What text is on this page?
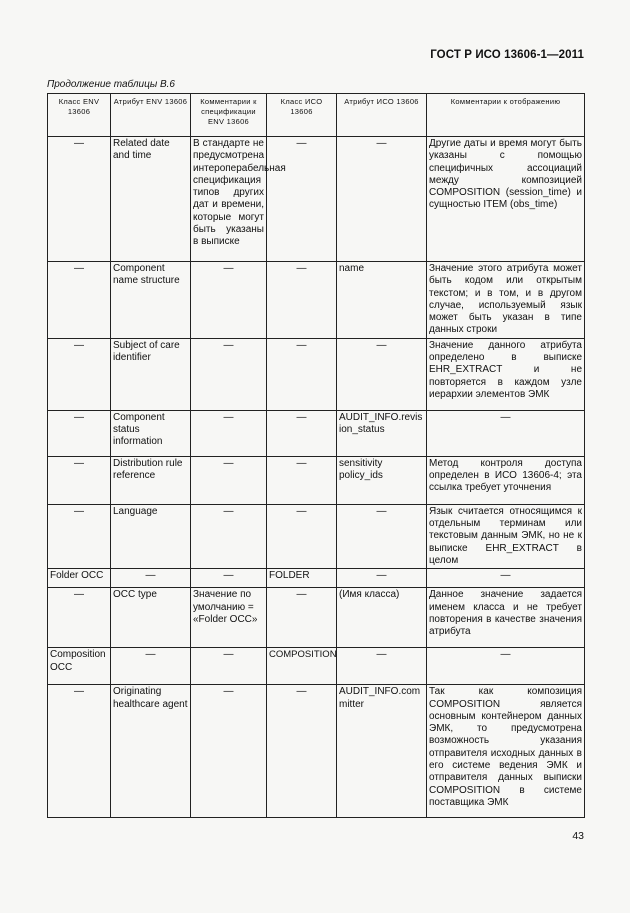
ГОСТ Р ИСО 13606-1—2011
Продолжение таблицы В.6
Класс ENV 13606	Атрибут ENV 13606	Комментарии к спецификации ENV 13606	Класс ИСО 13606	Атрибут ИСО 13606	Комментарии к отображению
—	Related date and time	В стандарте не предусмотрена интероперабельная спецификация типов других дат и времени, которые могут быть указаны в выписке	—	—	Другие даты и время могут быть указаны с помощью специфичных ассоциаций между композицией COMPOSITION (session_time) и сущностью ITEM (obs_time)
—	Component name structure	—	—	name	Значение этого атрибута может быть кодом или открытым текстом; и в том, и в другом случае, используемый язык может быть указан в типе данных строки
—	Subject of care identifier	—	—	—	Значение данного атрибута определено в выписке EHR_EXTRACT и не повторяется в каждом узле иерархии элементов ЭМК
—	Component status information	—	—	AUDIT_INFO.revision_status	—
—	Distribution rule reference	—	—	sensitivity policy_ids	Метод контроля доступа определен в ИСО 13606-4; эта ссылка требует уточнения
—	Language	—	—	—	Язык считается относящимся к отдельным терминам или текстовым данным ЭМК, но не к выписке EHR_EXTRACT в целом
Folder OCC	—	—	FOLDER	—	—
—	OCC type	Значение по умолчанию = «Folder OCC»	—	(Имя класса)	Данное значение задается именем класса и не требует повторения в качестве значения атрибута
Composition OCC	—	—	COMPOSITION	—	—
—	Originating healthcare agent	—	—	AUDIT_INFO.committer	Так как композиция COMPOSITION является основным контейнером данных ЭМК, то предусмотрена возможность указания отправителя исходных данных в его системе ведения ЭМК и отправителя данных выписки COMPOSITION в системе поставщика ЭМК
43
